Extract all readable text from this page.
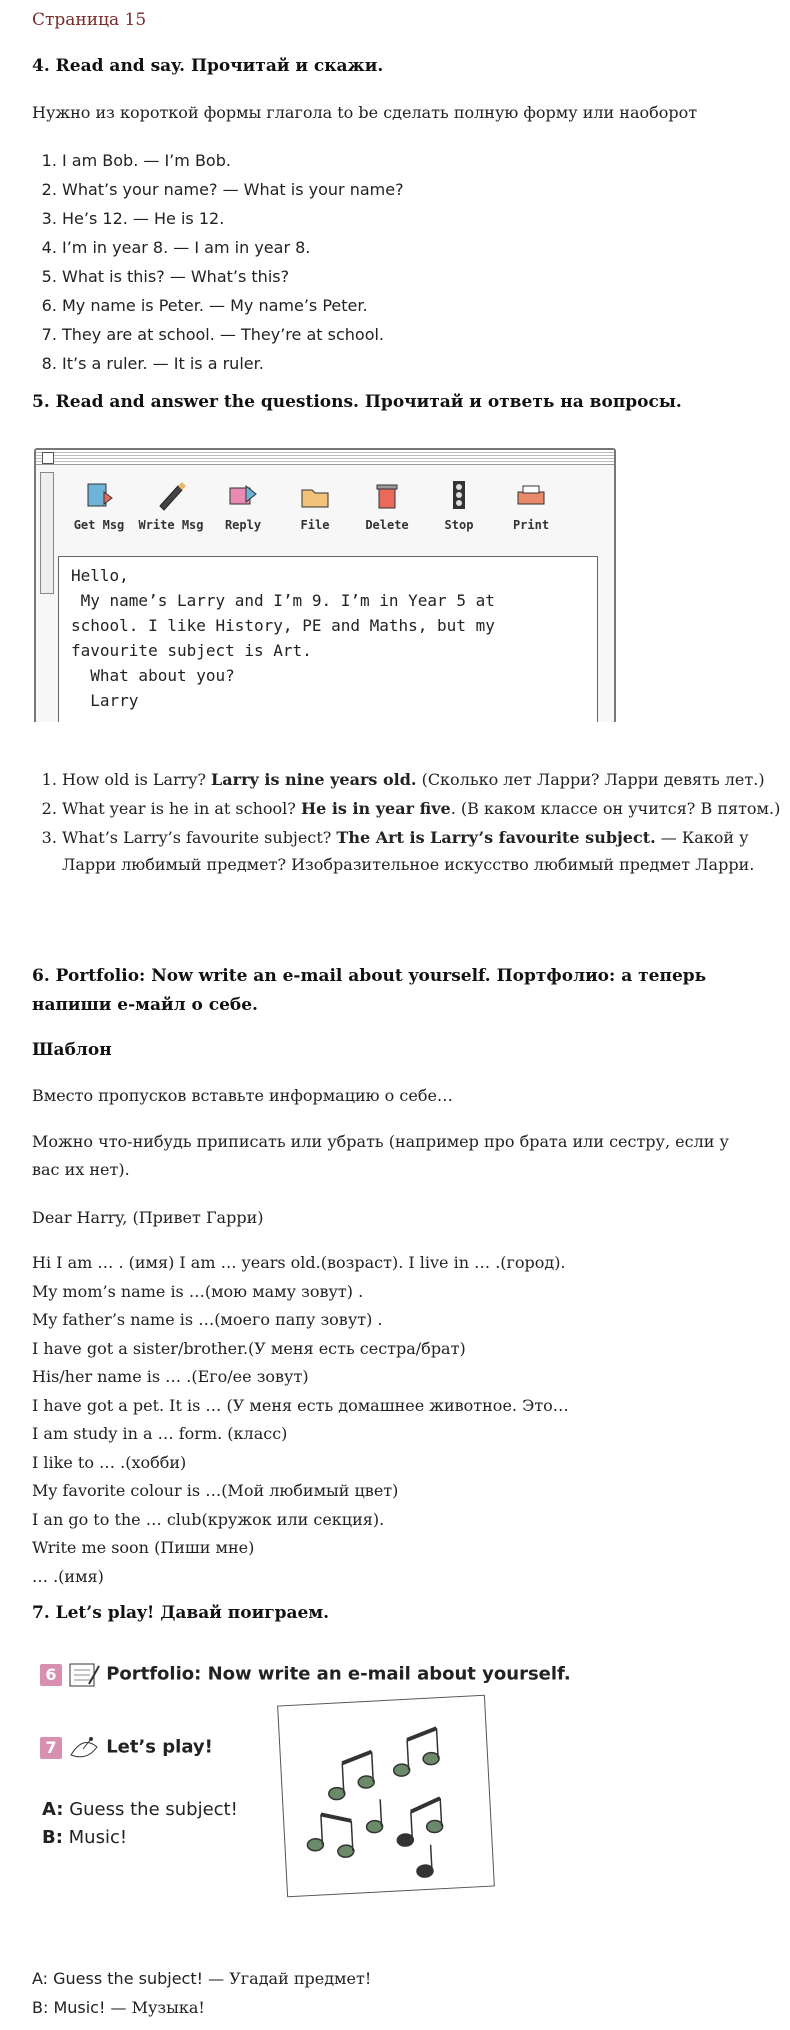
Страница 15
4. Read and say. Прочитай и скажи.
Нужно из короткой формы глагола to be сделать полную форму или наоборот
1. I am Bob. — I’m Bob.
2. What’s your name? — What is your name?
3. He’s 12. — He is 12.
4. I’m in year 8. — I am in year 8.
5. What is this? — What’s this?
6. My name is Peter. — My name’s Peter.
7. They are at school. — They’re at school.
8. It’s a ruler. — It is a ruler.
5. Read and answer the questions. Прочитай и ответь на вопросы.
Get Msg	Write Msg	Reply	File	Delete	Stop	Print
Hello,
My name’s Larry and I’m 9. I’m in Year 5 at
school. I like History, PE and Maths, but my
favourite subject is Art.
What about you?
Larry
1. How old is Larry? Larry is nine years old. (Сколько лет Ларри? Ларри девять лет.)
2. What year is he in at school? He is in year five. (В каком классе он учится? В пятом.)
3. What’s Larry’s favourite subject? The Art is Larry’s favourite subject. — Какой у Ларри любимый предмет? Изобразительное искусство любимый предмет Ларри.
6. Portfolio: Now write an e-mail about yourself. Портфолио: а теперь напиши е-майл о себе.
Шаблон
Вместо пропусков вставьте информацию о себе…
Можно что-нибудь приписать или убрать (например про брата или сестру, если у вас их нет).
Dear Harry, (Привет Гарри)
Hi I am … . (имя) I am … years old.(возраст). I live in … .(город).
My mom’s name is …(мою маму зовут) .
My father’s name is …(моего папу зовут) .
I have got a sister/brother.(У меня есть сестра/брат)
His/her name is … .(Его/ее зовут)
I have got a pet. It is … (У меня есть домашнее животное. Это…
I am study in a … form. (класс)
I like to … .(хобби)
My favorite colour is …(Мой любимый цвет)
I an go to the … club(кружок или секция).
Write me soon (Пиши мне)
… .(имя)
7. Let’s play! Давай поиграем.
6	Portfolio: Now write an e-mail about yourself.
7	Let’s play!
A: Guess the subject!
B: Music!
A: Guess the subject! — Угадай предмет!
B: Music! — Музыка!
